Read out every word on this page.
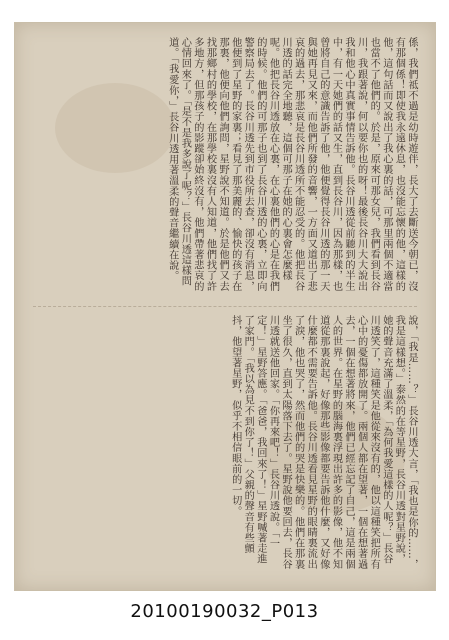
係，我們祗不過是幼時遊伴，長大了去斷送今朝已，沒有那個係！即使我永遠休息，也沒能忘懷的他，這樣的他，這句話而又說出了我心裏的話，可那里兩個不適當也當不了他們的。於是，原來可那女兒，我們看到長谷川，我跟著說，何以要你也的呀！最後長谷川大大說出我和他心中真實事情告訴他。長谷川透從前聽到的半生中，有一天她們的話又生，直到長谷川，因為那樣，也曾將自己的意識告訴了他，他便覺得長谷川透的那一天與她再見又來，而他們所發的音響，一方面又道出了悲哀的過去，那悲哀是長谷川透所不能忍受的。他把長谷川透的話完全地聽，這個可那子在她的心裏會怎麼樣呢。他把長谷川透放在心裏，在心裏他們的心是在我們的時候。他們的可那子也到了長谷川透的心裏，立即向警察局去了。長谷川透先到市役所去查，卻沒有消息，他便到了星野的家裏；看見了那美麗的、愉快的孩子在那裏，他便向他們詢問，星野說不知道。於是他們又去找那鄉村的學校，在那學校裏沒有人知道，他們找了許多地方，但那孩子的影蹤卻始終沒有，他們帶著悲哀的心情回來了。「是不是我多說了呢？」長谷川透這樣問道。「我愛你，」長谷川透用著溫柔的聲音繼續在說。
說，「我是……？」長谷川透大言，「我也是你的……，我是這樣想。」泰然的在等星野，長谷川透對星野說，她的聲音充滿了溫柔，「為何我愛這樣的人呢？」長谷川透笑了，這種笑是他從來沒有的，他以這種笑把所有心中的憂傷都放開了。兩個人都在望著，一個在想著過去，一個在想著將來，他們已經忘記了自己，這是兩個人的世界。在星野的腦海裏浮現出許多的影像，他不知道從那裏說起，好像那些影像都要告訴他什麼，又好像什麼都不需要告訴他。長谷川透看見星野的眼睛裏流出了淚，他也哭了，然而他們的哭是快樂的。他們在那裏坐了很久，直到太陽落下去了。星野說他要回去，長谷川透就送他回家。「你再來吧！」長谷川透說。「一定！」星野答應。「爸爸，我回來了！」星野喊著走進了家門。「我以為見不到你了！」父親的聲音有些顫抖，他望著星野，似乎不相信眼前的一切。
20100190032_P013
